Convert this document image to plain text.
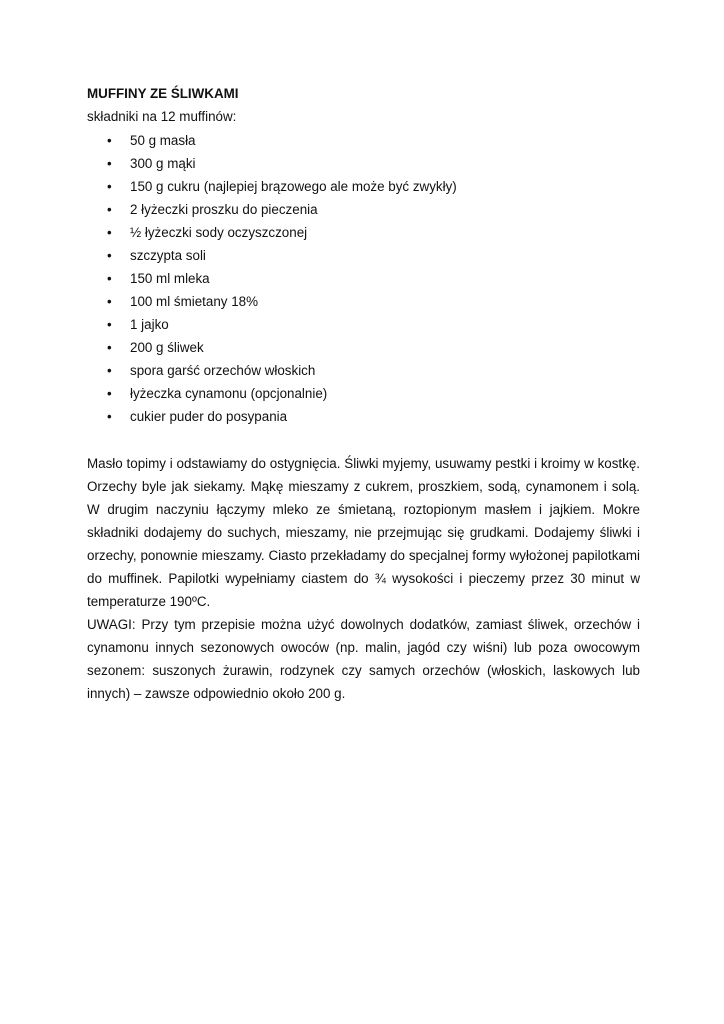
MUFFINY ZE ŚLIWKAMI
składniki na 12 muffinów:
• 50 g masła
• 300 g mąki
• 150 g cukru (najlepiej brązowego ale może być zwykły)
• 2 łyżeczki proszku do pieczenia
• ½ łyżeczki sody oczyszczonej
• szczypta soli
• 150 ml mleka
• 100 ml śmietany 18%
• 1 jajko
• 200 g śliwek
• spora garść orzechów włoskich
• łyżeczka cynamonu (opcjonalnie)
• cukier puder do posypania

Masło topimy i odstawiamy do ostygnięcia. Śliwki myjemy, usuwamy pestki i kroimy w kostkę. Orzechy byle jak siekamy. Mąkę mieszamy z cukrem, proszkiem, sodą, cynamonem i solą. W drugim naczyniu łączymy mleko ze śmietaną, roztopionym masłem i jajkiem. Mokre składniki dodajemy do suchych, mieszamy, nie przejmując się grudkami. Dodajemy śliwki i orzechy, ponownie mieszamy. Ciasto przekładamy do specjalnej formy wyłożonej papilotkami do muffinek. Papilotki wypełniamy ciastem do ¾ wysokości i pieczemy przez 30 minut w temperaturze 190ºC.

UWAGI: Przy tym przepisie można użyć dowolnych dodatków, zamiast śliwek, orzechów i cynamonu innych sezonowych owoców (np. malin, jagód czy wiśni) lub poza owocowym sezonem: suszonych żurawin, rodzynek czy samych orzechów (włoskich, laskowych lub innych) – zawsze odpowiednio około 200 g.
